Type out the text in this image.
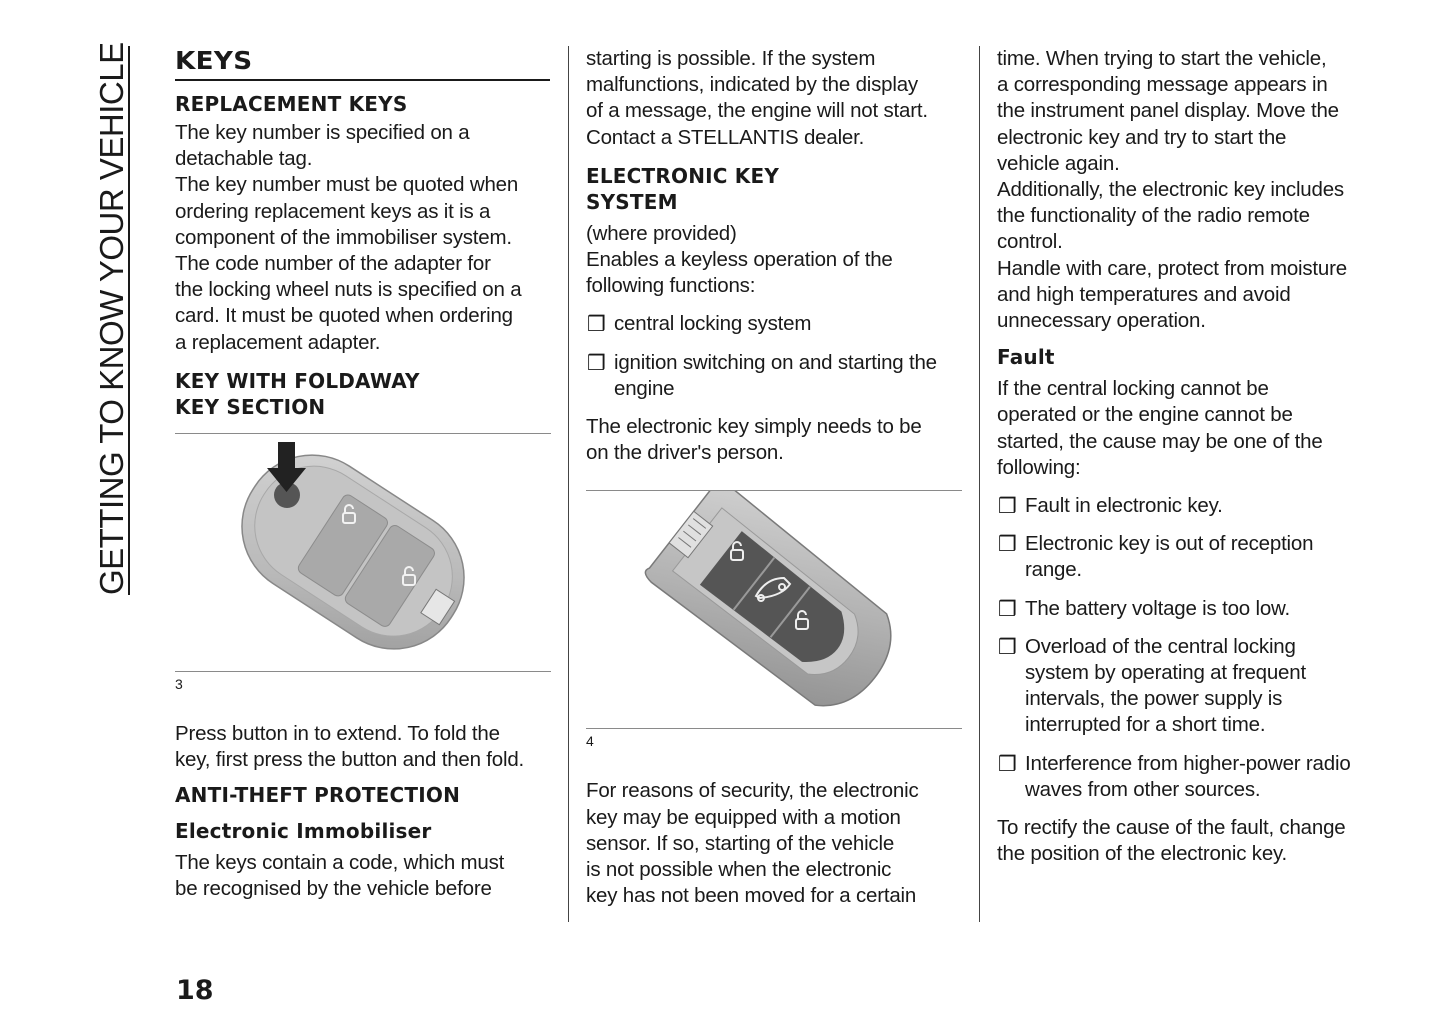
GETTING TO KNOW YOUR VEHICLE KEYS
REPLACEMENT KEYS

The key number is specified on a

detachable tag.

The key number must be quoted when

ordering replacement keys as it is a

component of the immobiliser system.

The code number of the adapter for

the locking wheel nuts is specified on a

card. It must be quoted when ordering

a replacement adapter.

KEY WITH FOLDAWAY
KEY SECTION
3

Press button in to extend. To fold the

key, first press the button and then fold.

ANTI-THEFT PROTECTION
Electronic Immobiliser

The keys contain a code, which must

be recognised by the vehicle before

starting is possible. If the system

malfunctions, indicated by the display

of a message, the engine will not start.

Contact a STELLANTIS dealer.

ELECTRONIC KEY
SYSTEM

(where provided)

Enables a keyless operation of the

following functions:

❒ central locking system
❒ ignition switching on and starting the engine

The electronic key simply needs to be

on the driver's person.

4

For reasons of security, the electronic

key may be equipped with a motion

sensor. If so, starting of the vehicle

is not possible when the electronic

key has not been moved for a certain

time. When trying to start the vehicle,

a corresponding message appears in

the instrument panel display. Move the

electronic key and try to start the

vehicle again.

Additionally, the electronic key includes

the functionality of the radio remote

control.

Handle with care, protect from moisture

and high temperatures and avoid

unnecessary operation.

Fault

If the central locking cannot be

operated or the engine cannot be

started, the cause may be one of the

following:

❒ Fault in electronic key.
❒ Electronic key is out of reception range.
❒ The battery voltage is too low.
❒ Overload of the central locking system by operating at frequent intervals, the power supply is interrupted for a short time.
❒ Interference from higher-power radio waves from other sources.

To rectify the cause of the fault, change

the position of the electronic key.

18
